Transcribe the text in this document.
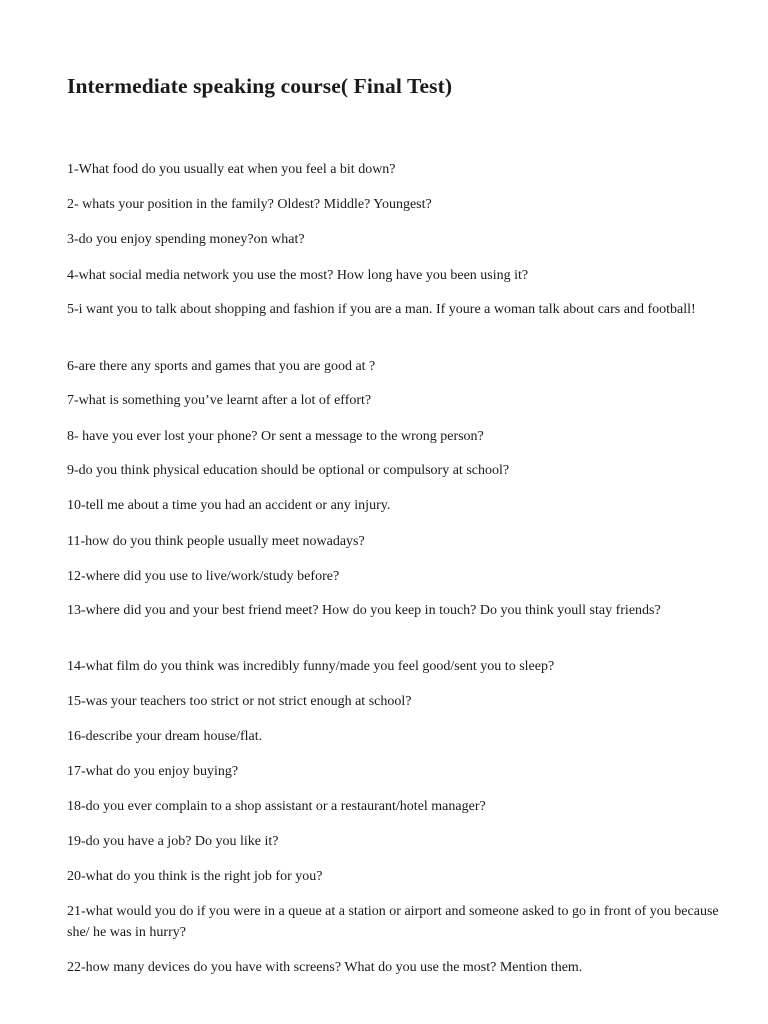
Intermediate speaking course( Final Test)
1-What food do you usually eat when you feel a bit down?
2- whats your position in the family? Oldest? Middle? Youngest?
3-do you enjoy spending money?on what?
4-what social media network you use the most? How long have you been using it?
5-i want you to talk about shopping and fashion if you are a man. If youre a woman talk about cars and football!
6-are there any sports and games that you are good at ?
7-what is something you’ve learnt after a lot of effort?
8- have you ever lost your phone? Or sent a message to the wrong person?
9-do you think physical education should be optional or compulsory at school?
10-tell me about a time you had an accident or any injury.
11-how do you think people usually meet nowadays?
12-where did you use to live/work/study before?
13-where did you and your best friend meet? How do you keep in touch? Do you think youll stay friends?
14-what film do you think was incredibly funny/made you feel good/sent you to sleep?
15-was your teachers too strict or not strict enough at school?
16-describe your dream house/flat.
17-what do you enjoy buying?
18-do you ever complain to a shop assistant or a restaurant/hotel manager?
19-do you have a job? Do you like it?
20-what do you think is the right job for you?
21-what would you do if you were in a queue at a station or airport and someone asked to go in front of you because she/ he was in hurry?
22-how many devices do you have with screens? What do you use the most? Mention them.
